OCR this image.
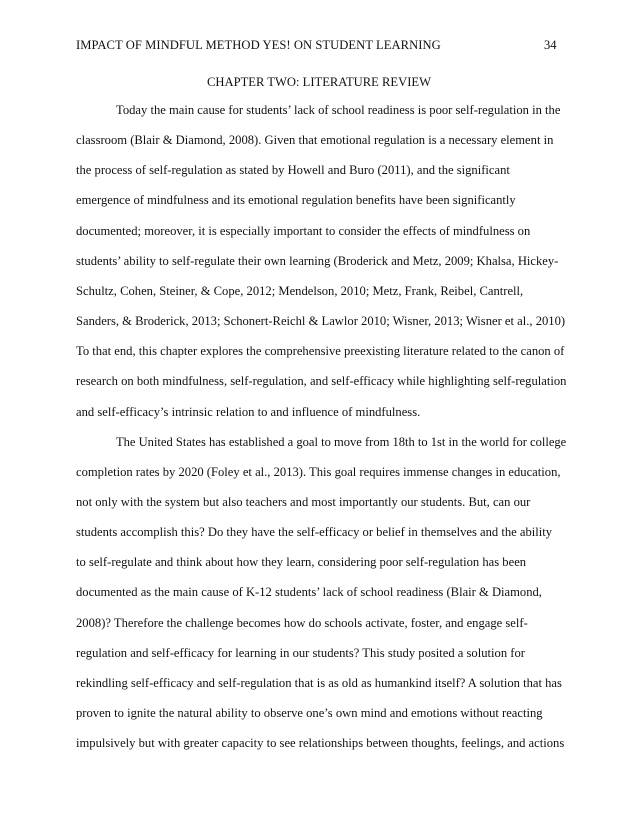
IMPACT OF MINDFUL METHOD YES! ON STUDENT LEARNING	34
CHAPTER TWO: LITERATURE REVIEW
Today the main cause for students’ lack of school readiness is poor self-regulation in the
classroom (Blair & Diamond, 2008). Given that emotional regulation is a necessary element in
the process of self-regulation as stated by Howell and Buro (2011), and the significant
emergence of mindfulness and its emotional regulation benefits have been significantly
documented; moreover, it is especially important to consider the effects of mindfulness on
students’ ability to self-regulate their own learning (Broderick and Metz, 2009; Khalsa, Hickey-
Schultz, Cohen, Steiner, & Cope, 2012; Mendelson, 2010; Metz, Frank, Reibel, Cantrell,
Sanders, & Broderick, 2013; Schonert-Reichl & Lawlor 2010; Wisner, 2013; Wisner et al., 2010)
To that end, this chapter explores the comprehensive preexisting literature related to the canon of
research on both mindfulness, self-regulation, and self-efficacy while highlighting self-regulation
and self-efficacy’s intrinsic relation to and influence of mindfulness.
The United States has established a goal to move from 18th to 1st in the world for college
completion rates by 2020 (Foley et al., 2013). This goal requires immense changes in education,
not only with the system but also teachers and most importantly our students. But, can our
students accomplish this? Do they have the self-efficacy or belief in themselves and the ability
to self-regulate and think about how they learn, considering poor self-regulation has been
documented as the main cause of K-12 students’ lack of school readiness (Blair & Diamond,
2008)? Therefore the challenge becomes how do schools activate, foster, and engage self-
regulation and self-efficacy for learning in our students? This study posited a solution for
rekindling self-efficacy and self-regulation that is as old as humankind itself? A solution that has
proven to ignite the natural ability to observe one’s own mind and emotions without reacting
impulsively but with greater capacity to see relationships between thoughts, feelings, and actions
